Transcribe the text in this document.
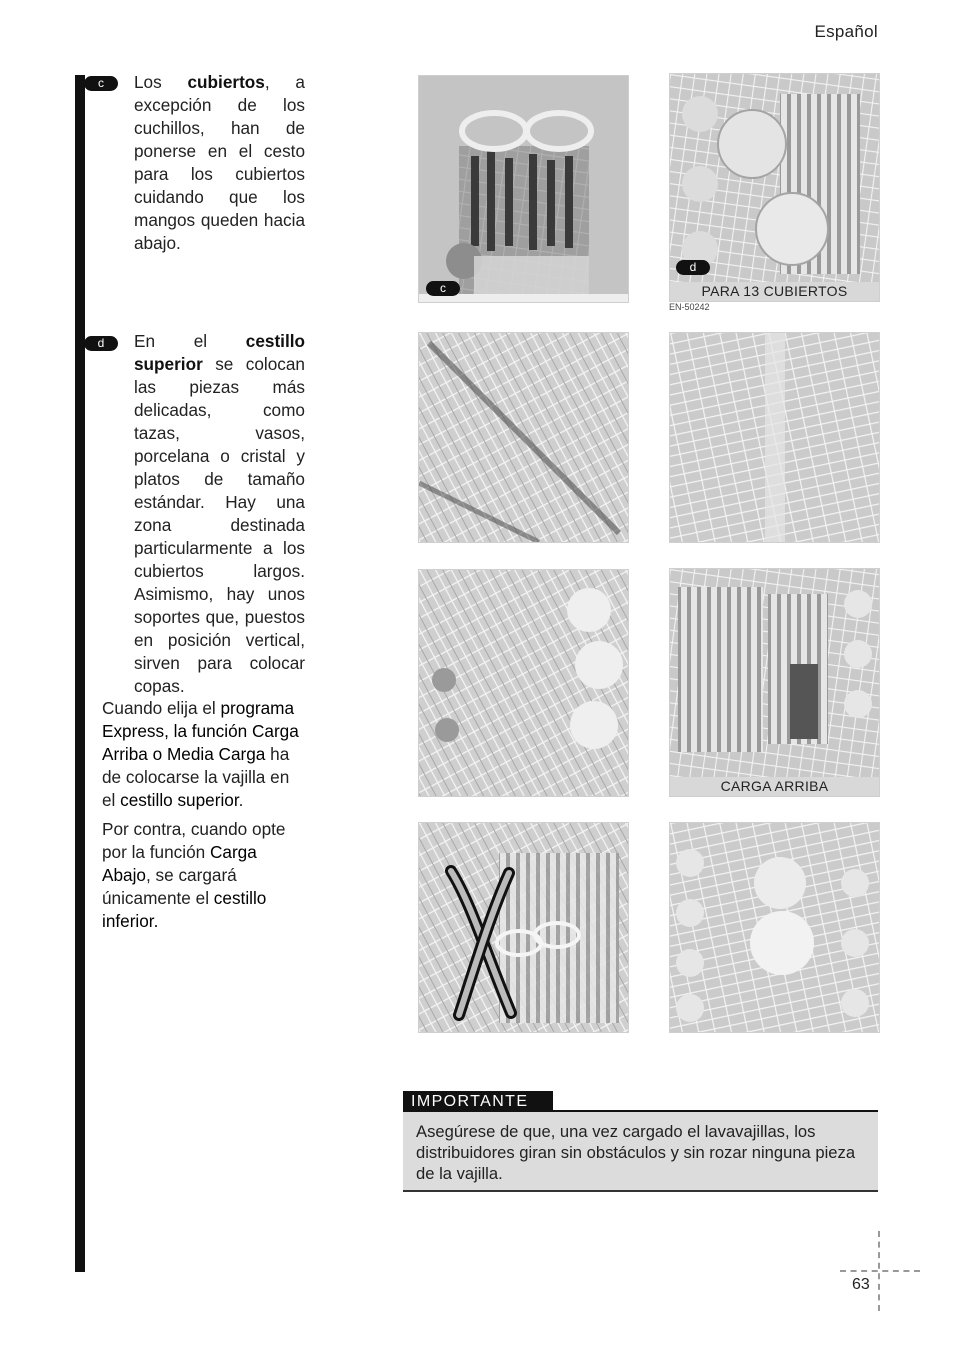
Español
c	Los cubiertos, a excepción de los cuchillos, han de ponerse en el cesto para los cubiertos cuidando que los mangos queden hacia abajo.

d	En el cestillo superior se colocan las piezas más delicadas, como tazas, vasos, porcelana o cristal y platos de tamaño estándar. Hay una zona destinada particularmente a los cubiertos largos. Asimismo, hay unos soportes que, puestos en posición vertical, sirven para colocar copas.

Cuando elija el programa Express, la función Carga Arriba o Media Carga ha de colocarse la vajilla en el cestillo superior.

Por contra, cuando opte por la función Carga Abajo, se cargará únicamente el cestillo inferior.

c
d
PARA 13 CUBIERTOS
EN-50242
CARGA ARRIBA
IMPORTANTE
Asegúrese de que, una vez cargado el lavavajillas, los distribuidores giran sin obstáculos y sin rozar ninguna pieza de la vajilla.
63
